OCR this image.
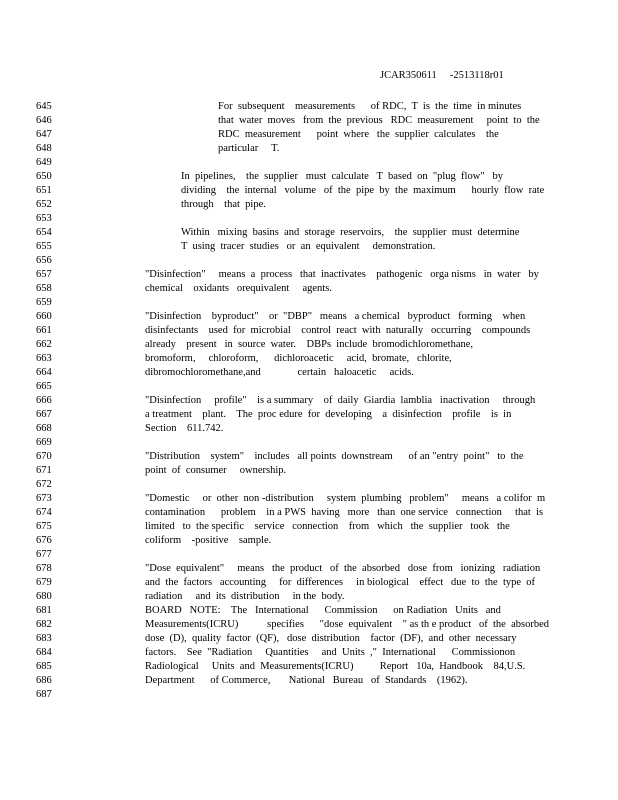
JCAR350611     -2513118r01
645	For  subsequent    measurements      of RDC,  T  is  the  time  in minutes
646	that  water  moves   from  the  previous   RDC  measurement     point  to  the
647	RDC  measurement      point  where   the  supplier  calculates    the
648	particular     T.
649
650	In  pipelines,    the  supplier   must  calculate   T  based  on  "plug  flow"   by
651	dividing    the  internal   volume   of  the  pipe  by  the  maximum      hourly  flow  rate
652	through    that  pipe.
653
654	Within   mixing  basins  and  storage  reservoirs,    the  supplier  must  determine
655	T  using  tracer  studies   or  an  equivalent     demonstration.
656
657	"Disinfection"     means  a  process   that  inactivates    pathogenic   orga nisms   in  water   by
658	chemical    oxidants   orequivalent     agents.
659
660	"Disinfection    byproduct"    or  "DBP"   means   a chemical   byproduct   forming    when
661	disinfectants    used  for  microbial    control  react  with  naturally   occurring    compounds
662	already    present   in  source  water.    DBPs  include  bromodichloromethane,
663	bromoform,     chloroform,      dichloroacetic     acid,  bromate,   chlorite,
664	dibromochloromethane,and              certain   haloacetic     acids.
665
666	"Disinfection     profile"    is a summary    of  daily  Giardia  lamblia   inactivation     through
667	a treatment    plant.    The  proc edure  for  developing    a  disinfection    profile    is  in
668	Section    611.742.
669
670	"Distribution    system"    includes   all points  downstream      of an "entry  point"   to  the
671	point  of  consumer     ownership.
672
673	"Domestic     or  other  non -distribution     system  plumbing   problem"     means   a colifor  m
674	contamination      problem    in a PWS  having   more   than  one service   connection     that  is
675	limited   to  the specific    service   connection    from   which   the  supplier   took   the
676	coliform    -positive    sample.
677
678	"Dose  equivalent"     means   the  product   of  the  absorbed   dose  from   ionizing   radiation
679	and  the  factors   accounting     for  differences     in biological    effect   due  to  the  type  of
680	radiation     and  its  distribution     in the  body.
681	BOARD   NOTE:    The   International      Commission      on Radiation   Units   and
682	Measurements(ICRU)           specifies      "dose  equivalent    " as th e product   of  the  absorbed
683	dose  (D),  quality  factor  (QF),   dose  distribution    factor  (DF),  and  other  necessary
684	factors.    See  "Radiation     Quantities     and  Units  ,"  International      Commissionon
685	Radiological     Units  and  Measurements(ICRU)          Report   10a,  Handbook    84,U.S.
686	Department      of Commerce,       National   Bureau   of  Standards    (1962).
687
